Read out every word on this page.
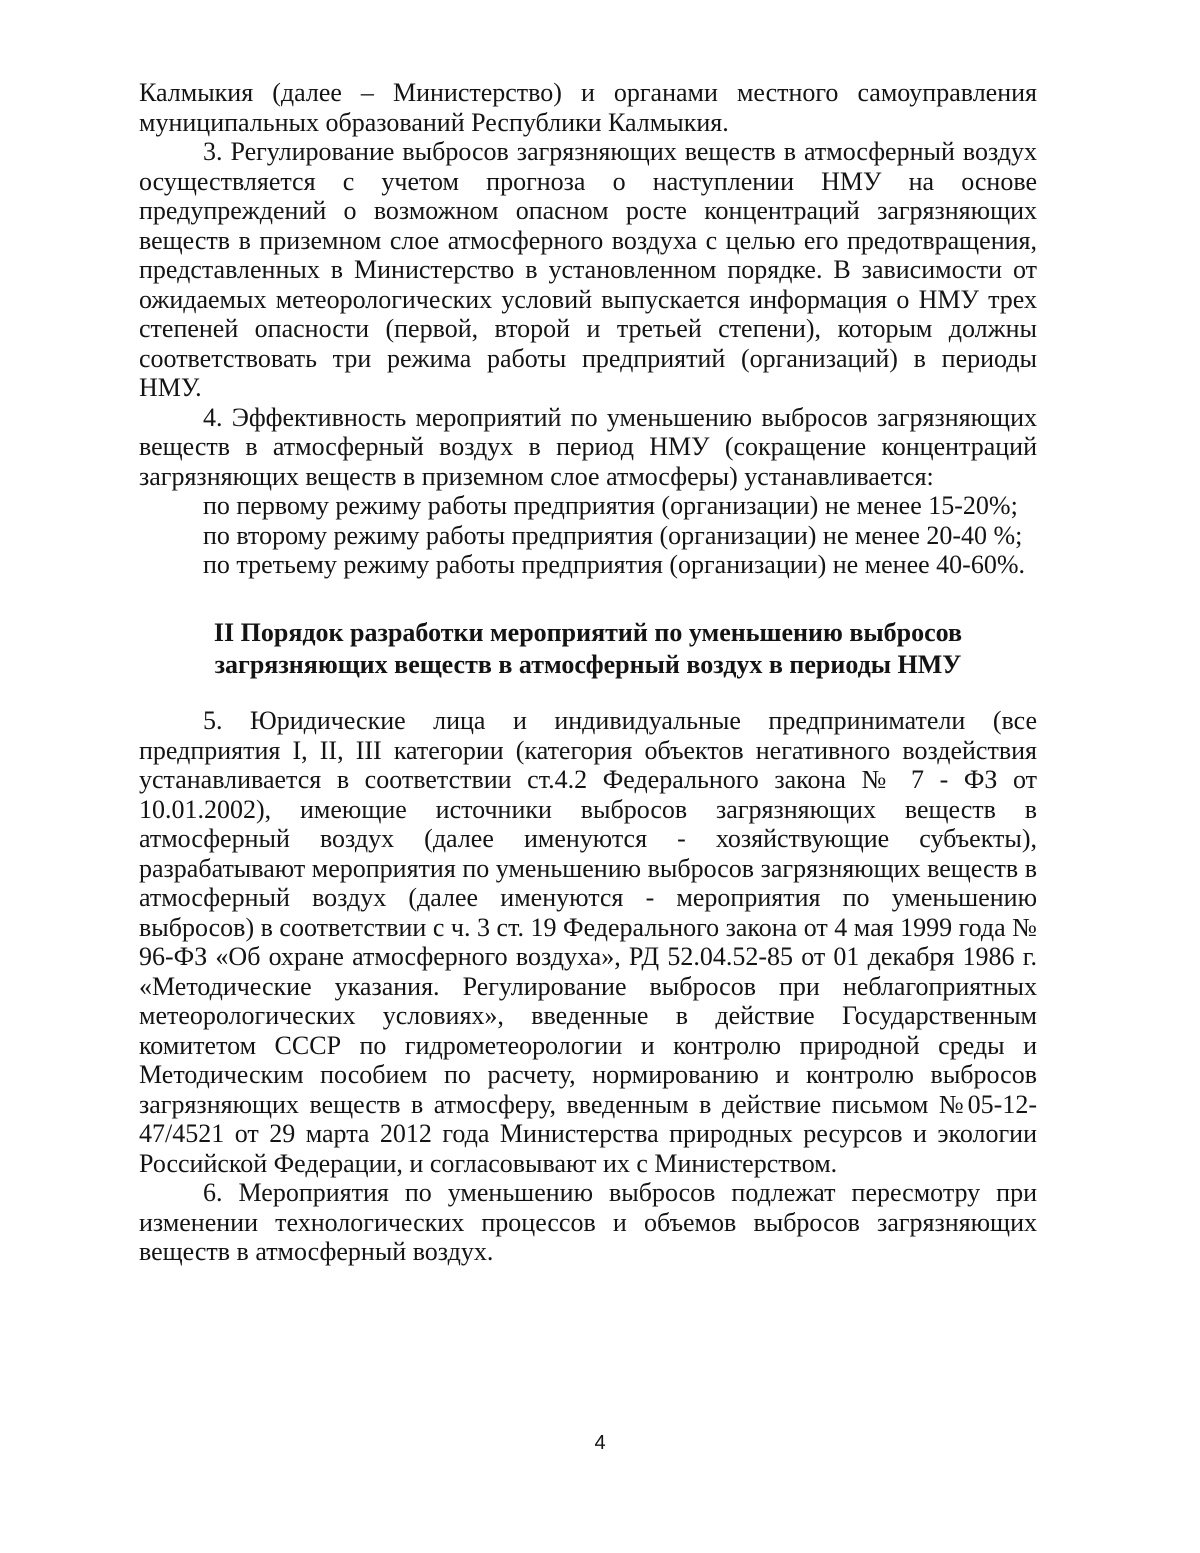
Калмыкия (далее – Министерство) и органами местного самоуправления муниципальных образований Республики Калмыкия.

3. Регулирование выбросов загрязняющих веществ в атмосферный воздух осуществляется с учетом прогноза о наступлении НМУ на основе предупреждений о возможном опасном росте концентраций загрязняющих веществ в приземном слое атмосферного воздуха с целью его предотвращения, представленных в Министерство в установленном порядке. В зависимости от ожидаемых метеорологических условий выпускается информация о НМУ трех степеней опасности (первой, второй и третьей степени), которым должны соответствовать три режима работы предприятий (организаций) в периоды НМУ.

4. Эффективность мероприятий по уменьшению выбросов загрязняющих веществ в атмосферный воздух в период НМУ (сокращение концентраций загрязняющих веществ в приземном слое атмосферы) устанавливается:

по первому режиму работы предприятия (организации) не менее 15-20%;

по второму режиму работы предприятия (организации) не менее 20-40 %;

по третьему режиму работы предприятия (организации) не менее 40-60%.

II Порядок разработки мероприятий по уменьшению выбросов
загрязняющих веществ в атмосферный воздух в периоды НМУ

5. Юридические лица и индивидуальные предприниматели (все предприятия I, II, III категории (категория объектов негативного воздействия устанавливается в соответствии ст.4.2 Федерального закона № 7 - ФЗ от 10.01.2002), имеющие источники выбросов загрязняющих веществ в атмосферный воздух (далее именуются - хозяйствующие субъекты), разрабатывают мероприятия по уменьшению выбросов загрязняющих веществ в атмосферный воздух (далее именуются - мероприятия по уменьшению выбросов) в соответствии с ч. 3 ст. 19 Федерального закона от 4 мая 1999 года № 96-ФЗ «Об охране атмосферного воздуха», РД 52.04.52-85 от 01 декабря 1986 г. «Методические указания. Регулирование выбросов при неблагоприятных метеорологических условиях», введенные в действие Государственным комитетом СССР по гидрометеорологии и контролю природной среды и Методическим пособием по расчету, нормированию и контролю выбросов загрязняющих веществ в атмосферу, введенным в действие письмом №05-12-47/4521 от 29 марта 2012 года Министерства природных ресурсов и экологии Российской Федерации, и согласовывают их с Министерством.

6. Мероприятия по уменьшению выбросов подлежат пересмотру при изменении технологических процессов и объемов выбросов загрязняющих веществ в атмосферный воздух.

4
